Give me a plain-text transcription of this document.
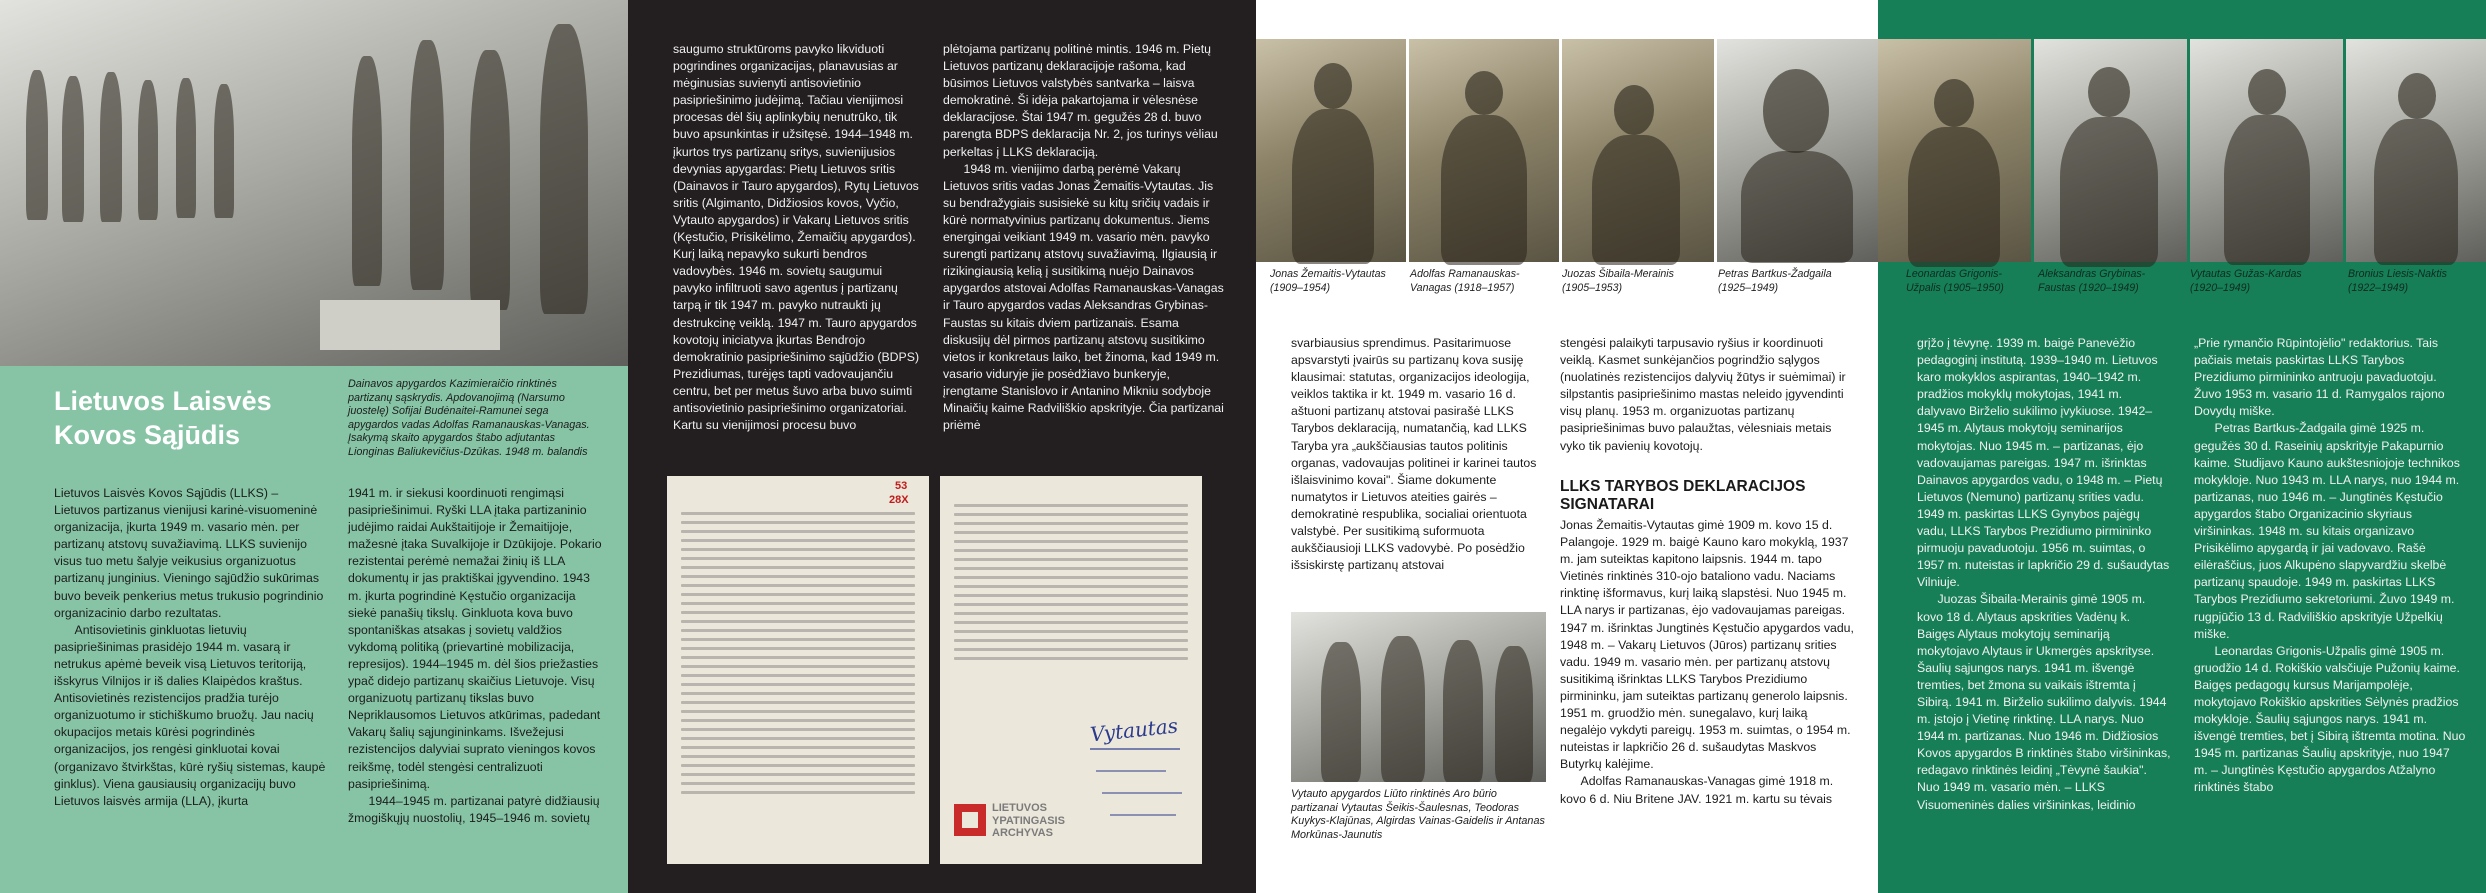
Lietuvos Laisvės Kovos Sąjūdis
Dainavos apygardos Kazimieraičio rinktinės partizanų sąskrydis. Apdovanojimą (Narsumo juostelę) Sofijai Budėnaitei-Ramunei sega apygardos vadas Adolfas Ramanauskas-Vanagas. Įsakymą skaito apygardos štabo adjutantas Lionginas Baliukevičius-Dzūkas. 1948 m. balandis
Lietuvos Laisvės Kovos Sąjūdis (LLKS) – Lietuvos partizanus vienijusi karinė-visuomeninė organizacija, įkurta 1949 m. vasario mėn. per partizanų atstovų suvažiavimą. LLKS suvienijo visus tuo metu šalyje veikusius organizuotus partizanų junginius. Vieningo sąjūdžio sukūrimas buvo beveik penkerius metus trukusio pogrindinio organizacinio darbo rezultatas.
Antisovietinis ginkluotas lietuvių pasipriešinimas prasidėjo 1944 m. vasarą ir netrukus apėmė beveik visą Lietuvos teritoriją, išskyrus Vilnijos ir iš dalies Klaipėdos kraštus. Antisovietinės rezistencijos pradžia turėjo organizuotumo ir stichiškumo bruožų. Jau nacių okupacijos metais kūrėsi pogrindinės organizacijos, jos rengėsi ginkluotai kovai (organizavo štvirkštas, kūrė ryšių sistemas, kaupė ginklus). Viena gausiausių organizacijų buvo Lietuvos laisvės armija (LLA), įkurta
1941 m. ir siekusi koordinuoti rengimąsi pasipriešinimui. Ryški LLA įtaka partizaninio judėjimo raidai Aukštaitijoje ir Žemaitijoje, mažesnė įtaka Suvalkijoje ir Dzūkijoje. Pokario rezistentai perėmė nemažai žinių iš LLA dokumentų ir jas praktiškai įgyvendino. 1943 m. įkurta pogrindinė Kęstučio organizacija siekė panašių tikslų. Ginkluota kova buvo spontaniškas atsakas į sovietų valdžios vykdomą politiką (prievartinė mobilizacija, represijos). 1944–1945 m. dėl šios priežasties ypač didejo partizanų skaičius Lietuvoje. Visų organizuotų partizanų tikslas buvo Nepriklausomos Lietuvos atkūrimas, padedant Vakarų šalių sąjungininkams. Išvežejusi rezistencijos dalyviai suprato vieningos kovos reikšmę, todėl stengėsi centralizuoti pasipriešinimą.
1944–1945 m. partizanai patyrė didžiausių žmogiškųjų nuostolių, 1945–1946 m. sovietų
saugumo struktūroms pavyko likviduoti pogrindines organizacijas, planavusias ar mėginusias suvienyti antisovietinio pasipriešinimo judėjimą. Tačiau vienijimosi procesas dėl šių aplinkybių nenutrūko, tik buvo apsunkintas ir užsitęsė. 1944–1948 m. įkurtos trys partizanų sritys, suvienijusios devynias apygardas: Pietų Lietuvos sritis (Dainavos ir Tauro apygardos), Rytų Lietuvos sritis (Algimanto, Didžiosios kovos, Vyčio, Vytauto apygardos) ir Vakarų Lietuvos sritis (Kęstučio, Prisikėlimo, Žemaičių apygardos). Kurį laiką nepavyko sukurti bendros vadovybės. 1946 m. sovietų saugumui pavyko infiltruoti savo agentus į partizanų tarpą ir tik 1947 m. pavyko nutraukti jų destrukcinę veiklą. 1947 m. Tauro apygardos kovotojų iniciatyva įkurtas Bendrojo demokratinio pasipriešinimo sąjūdžio (BDPS) Prezidiumas, turėjęs tapti vadovaujančiu centru, bet per metus šuvo arba buvo suimti antisovietinio pasipriešinimo organizatoriai. Kartu su vienijimosi procesu buvo
plėtojama partizanų politinė mintis. 1946 m. Pietų Lietuvos partizanų deklaracijoje rašoma, kad būsimos Lietuvos valstybės santvarka – laisva demokratinė. Ši idėja pakartojama ir vėlesnėse deklaracijose. Štai 1947 m. gegužės 28 d. buvo parengta BDPS deklaracija Nr. 2, jos turinys vėliau perkeltas į LLKS deklaraciją.
1948 m. vienijimo darbą perėmė Vakarų Lietuvos sritis vadas Jonas Žemaitis-Vytautas. Jis su bendražygiais susisiekė su kitų sričių vadais ir kūrė normatyvinius partizanų dokumentus. Jiems energingai veikiant 1949 m. vasario mėn. pavyko surengti partizanų atstovų suvažiavimą. Ilgiausią ir rizikingiausią kelią į susitikimą nuėjo Dainavos apygardos atstovai Adolfas Ramanauskas-Vanagas ir Tauro apygardos vadas Aleksandras Grybinas-Faustas su kitais dviem partizanais. Esama diskusijų dėl pirmos partizanų atstovų susitikimo vietos ir konkretaus laiko, bet žinoma, kad 1949 m. vasario viduryje jie posėdžiavo bunkeryje, įrengtame Stanislovo ir Antanino Mikniu sodyboje Minaičių kaime Radviliškio apskrityje. Čia partizanai priėmė
53
28X
Vytautas
LIETUVOS
YPATINGASIS
ARCHYVAS
Jonas Žemaitis-Vytautas
(1909–1954)
Adolfas Ramanauskas-
Vanagas (1918–1957)
Juozas Šibaila-Merainis
(1905–1953)
Petras Bartkus-Žadgaila
(1925–1949)
svarbiausius sprendimus. Pasitarimuose apsvarstyti įvairūs su partizanų kova susiję klausimai: statutas, organizacijos ideologija, veiklos taktika ir kt. 1949 m. vasario 16 d. aštuoni partizanų atstovai pasirašė LLKS Tarybos deklaraciją, numatančią, kad LLKS Taryba yra „aukščiausias tautos politinis organas, vadovaujas politinei ir karinei tautos išlaisvinimo kovai". Šiame dokumente numatytos ir Lietuvos ateities gairės – demokratinė respublika, socialiai orientuota valstybė. Per susitikimą suformuota aukščiausioji LLKS vadovybė. Po posėdžio išsiskirstę partizanų atstovai
Vytauto apygardos Liūto rinktinės Aro būrio partizanai Vytautas Šeikis-Šaulesnas, Teodoras Kuykys-Klajūnas, Algirdas Vainas-Gaidelis ir Antanas Morkūnas-Jaunutis
stengėsi palaikyti tarpusavio ryšius ir koordinuoti veiklą. Kasmet sunkėjančios pogrindžio sąlygos (nuolatinės rezistencijos dalyvių žūtys ir suėmimai) ir silpstantis pasipriešinimo mastas neleido įgyvendinti visų planų. 1953 m. organizuotas partizanų pasipriešinimas buvo palaužtas, vėlesniais metais vyko tik pavienių kovotojų.
LLKS TARYBOS DEKLARACIJOS SIGNATARAI
Jonas Žemaitis-Vytautas gimė 1909 m. kovo 15 d. Palangoje. 1929 m. baigė Kauno karo mokyklą, 1937 m. jam suteiktas kapitono laipsnis. 1944 m. tapo Vietinės rinktinės 310-ojo bataliono vadu. Naciams rinktinę išformavus, kurį laiką slapstėsi. Nuo 1945 m. LLA narys ir partizanas, ėjo vadovaujamas pareigas. 1947 m. išrinktas Jungtinės Kęstučio apygardos vadu, 1948 m. – Vakarų Lietuvos (Jūros) partizanų srities vadu. 1949 m. vasario mėn. per partizanų atstovų susitikimą išrinktas LLKS Tarybos Prezidiumo pirmininku, jam suteiktas partizanų generolo laipsnis. 1951 m. gruodžio mėn. sunegalavo, kurį laiką negalėjo vykdyti pareigų. 1953 m. suimtas, o 1954 m. nuteistas ir lapkričio 26 d. sušaudytas Maskvos Butyrkų kalėjime.
Adolfas Ramanauskas-Vanagas gimė 1918 m. kovo 6 d. Niu Britene JAV. 1921 m. kartu su tėvais
Leonardas Grigonis-
Užpalis (1905–1950)
Aleksandras Grybinas-
Faustas (1920–1949)
Vytautas Gužas-Kardas
(1920–1949)
Bronius Liesis-Naktis
(1922–1949)
grįžo į tėvynę. 1939 m. baigė Panevėžio pedagoginį institutą. 1939–1940 m. Lietuvos karo mokyklos aspirantas, 1940–1942 m. pradžios mokyklų mokytojas, 1941 m. dalyvavo Birželio sukilimo įvykiuose. 1942–1945 m. Alytaus mokytojų seminarijos mokytojas. Nuo 1945 m. – partizanas, ėjo vadovaujamas pareigas. 1947 m. išrinktas Dainavos apygardos vadu, o 1948 m. – Pietų Lietuvos (Nemuno) partizanų srities vadu. 1949 m. paskirtas LLKS Gynybos pajėgų vadu, LLKS Tarybos Prezidiumo pirmininko pirmuoju pavaduotoju. 1956 m. suimtas, o 1957 m. nuteistas ir lapkričio 29 d. sušaudytas Vilniuje.
Juozas Šibaila-Merainis gimė 1905 m. kovo 18 d. Alytaus apskrities Vadėnų k. Baigęs Alytaus mokytojų seminariją mokytojavo Alytaus ir Ukmergės apskrityse. Šaulių sąjungos narys. 1941 m. išvengė tremties, bet žmona su vaikais ištremta į Sibirą. 1941 m. Birželio sukilimo dalyvis. 1944 m. įstojo į Vietinę rinktinę. LLA narys. Nuo 1944 m. partizanas. Nuo 1946 m. Didžiosios Kovos apygardos B rinktinės štabo viršininkas, redagavo rinktinės leidinį „Tėvynė šaukia". Nuo 1949 m. vasario mėn. – LLKS Visuomeninės dalies viršininkas, leidinio
„Prie rymančio Rūpintojėlio" redaktorius. Tais pačiais metais paskirtas LLKS Tarybos Prezidiumo pirmininko antruoju pavaduotoju. Žuvo 1953 m. vasario 11 d. Ramygalos rajono Dovydų miške.
Petras Bartkus-Žadgaila gimė 1925 m. gegužės 30 d. Raseinių apskrityje Pakapurnio kaime. Studijavo Kauno aukštesniojoje technikos mokykloje. Nuo 1943 m. LLA narys, nuo 1944 m. partizanas, nuo 1946 m. – Jungtinės Kęstučio apygardos štabo Organizacinio skyriaus viršininkas. 1948 m. su kitais organizavo Prisikėlimo apygardą ir jai vadovavo. Rašė eilėraščius, juos Alkupėno slapyvardžiu skelbė partizanų spaudoje. 1949 m. paskirtas LLKS Tarybos Prezidiumo sekretoriumi. Žuvo 1949 m. rugpjūčio 13 d. Radviliškio apskrityje Užpelkių miške.
Leonardas Grigonis-Užpalis gimė 1905 m. gruodžio 14 d. Rokiškio valsčiuje Pužonių kaime. Baigęs pedagogų kursus Marijampolėje, mokytojavo Rokiškio apskrities Sėlynės pradžios mokykloje. Šaulių sąjungos narys. 1941 m. išvengė tremties, bet į Sibirą ištremta motina. Nuo 1945 m. partizanas Šaulių apskrityje, nuo 1947 m. – Jungtinės Kęstučio apygardos Atžalyno rinktinės štabo
